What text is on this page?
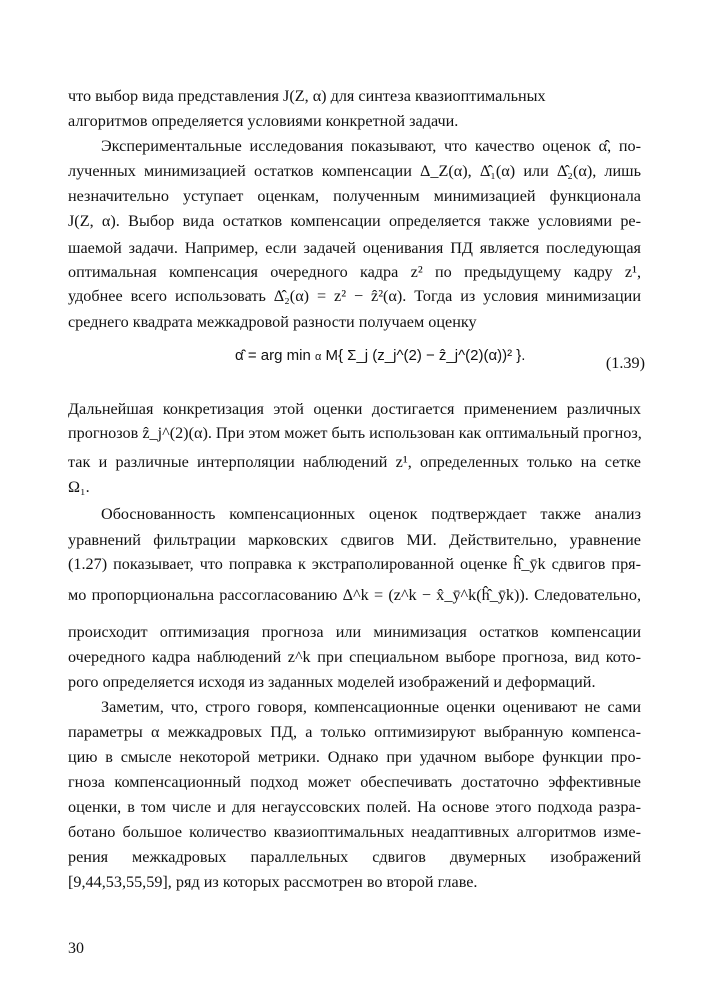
что выбор вида представления J(Z, α) для синтеза квазиоптимальных
алгоритмов определяется условиями конкретной задачи.
Экспериментальные исследования показывают, что качество оценок α̂̂, по-
лученных минимизацией остатков компенсации Δ_Z(α), Δ̂₁(α) или Δ̂₂(α), лишь
незначительно уступает оценкам, полученным минимизацией функционала
J(Z, α). Выбор вида остатков компенсации определяется также условиями ре-
шаемой задачи. Например, если задачей оценивания ПД является последующая
оптимальная компенсация очередного кадра z² по предыдущему кадру z¹,
удобнее всего использовать Δ̂₂(α) = z² − ẑ²(α). Тогда из условия минимизации
среднего квадрата межкадровой разности получаем оценку
α̂̂ = arg min α M{ Σ_j (z_j^(2) − ẑ_j^(2)(α))² }.	(1.39)
Дальнейшая конкретизация этой оценки достигается применением различных
прогнозов ẑ_j^(2)(α). При этом может быть использован как оптимальный прогноз,
так и различные интерполяции наблюдений z¹, определенных только на сетке
Ω₁.
Обоснованность компенсационных оценок подтверждает также анализ
уравнений фильтрации марковских сдвигов МИ. Действительно, уравнение
(1.27) показывает, что поправка к экстраполированной оценке ĥ̂_ȳk сдвигов пря-
мо пропорциональна рассогласованию Δ^k = (z^k − x̂_ȳ^k(ĥ̂_ȳk)). Следовательно,
происходит оптимизация прогноза или минимизация остатков компенсации
очередного кадра наблюдений z^k при специальном выборе прогноза, вид кото-
рого определяется исходя из заданных моделей изображений и деформаций.
Заметим, что, строго говоря, компенсационные оценки оценивают не сами
параметры α межкадровых ПД, а только оптимизируют выбранную компенса-
цию в смысле некоторой метрики. Однако при удачном выборе функции про-
гноза компенсационный подход может обеспечивать достаточно эффективные
оценки, в том числе и для негауссовских полей. На основе этого подхода разра-
ботано большое количество квазиоптимальных неадаптивных алгоритмов изме-
рения межкадровых параллельных сдвигов двумерных изображений
[9,44,53,55,59], ряд из которых рассмотрен во второй главе.
30
